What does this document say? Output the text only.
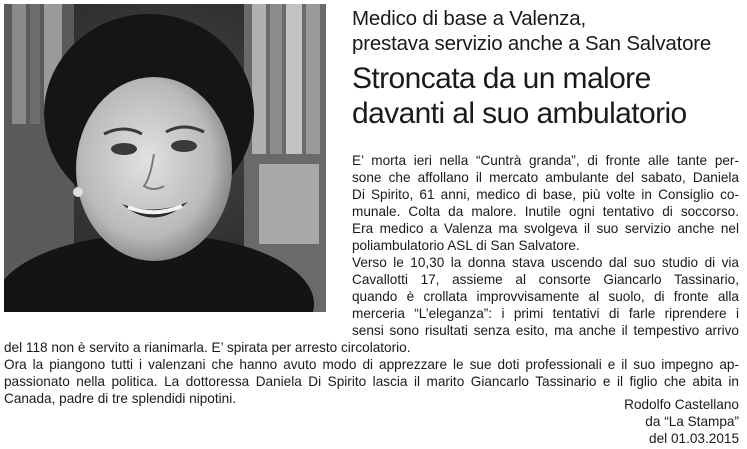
Medico di base a Valenza,
prestava servizio anche a San Salvatore
Stroncata da un malore
davanti al suo ambulatorio
E’ morta ieri nella “Cuntrà granda”, di fronte alle tante per-
sone che affollano il mercato ambulante del sabato, Daniela
Di Spirito, 61 anni, medico di base, più volte in Consiglio co-
munale. Colta da malore. Inutile ogni tentativo di soccorso.
Era medico a Valenza ma svolgeva il suo servizio anche nel
poliambulatorio ASL di San Salvatore.
Verso le 10,30 la donna stava uscendo dal suo studio di via
Cavallotti 17, assieme al consorte Giancarlo Tassinario,
quando è crollata improvvisamente al suolo, di fronte alla
merceria “L’eleganza”: i primi tentativi di farle riprendere i
sensi sono risultati senza esito, ma anche il tempestivo arrivo
del 118 non è servito a rianimarla. E’ spirata per arresto circolatorio.
Ora la piangono tutti i valenzani che hanno avuto modo di apprezzare le sue doti professionali e il suo impegno ap-
passionato nella politica. La dottoressa Daniela Di Spirito lascia il marito Giancarlo Tassinario e il figlio che abita in
Canada, padre di tre splendidi nipotini.	Rodolfo Castellano
da “La Stampa”
del 01.03.2015
